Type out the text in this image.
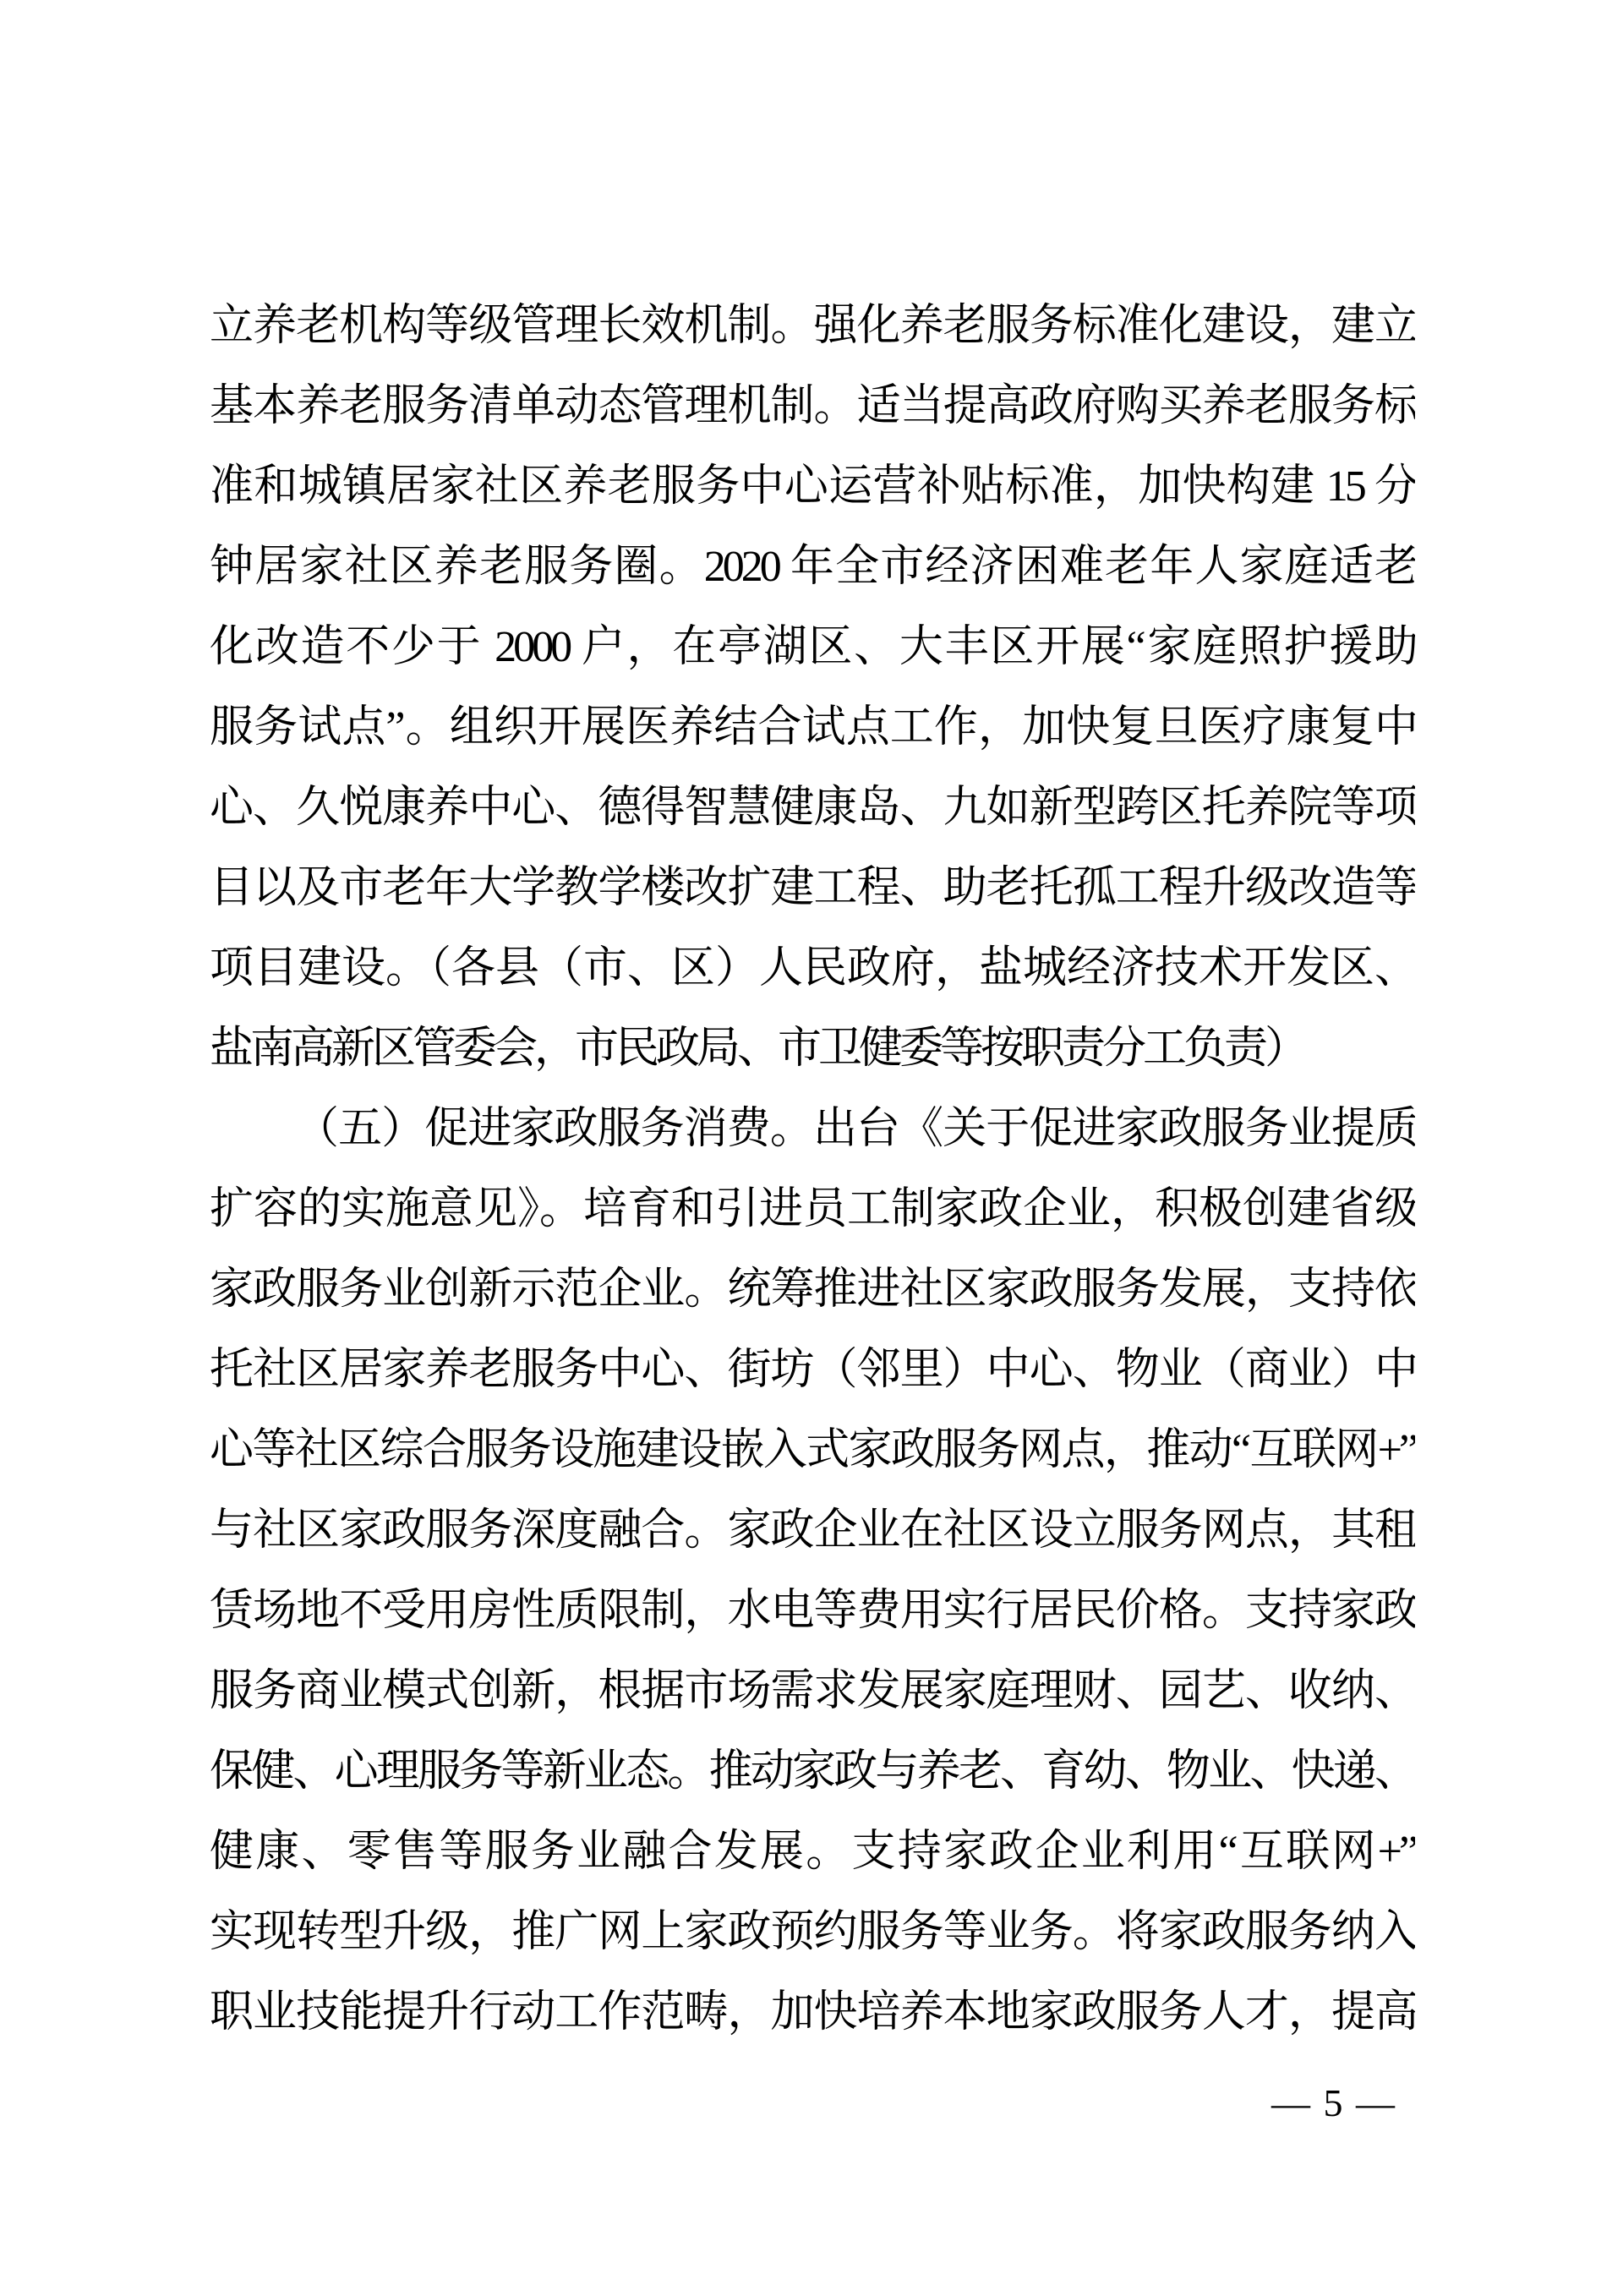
立养老机构等级管理长效机制。强化养老服务标准化建设，建立
基本养老服务清单动态管理机制。适当提高政府购买养老服务标
准和城镇居家社区养老服务中心运营补贴标准，加快构建 15 分
钟居家社区养老服务圈。2020 年全市经济困难老年人家庭适老
化改造不少于 2000 户，在亭湖区、大丰区开展“家庭照护援助
服务试点”。组织开展医养结合试点工作，加快复旦医疗康复中
心、久悦康养中心、德得智慧健康岛、九如新型跨区托养院等项
目以及市老年大学教学楼改扩建工程、助老托孤工程升级改造等
项目建设。（各县（市、区）人民政府，盐城经济技术开发区、
盐南高新区管委会，市民政局、市卫健委等按职责分工负责）
（五）促进家政服务消费。出台《关于促进家政服务业提质
扩容的实施意见》。培育和引进员工制家政企业，积极创建省级
家政服务业创新示范企业。统筹推进社区家政服务发展，支持依
托社区居家养老服务中心、街坊（邻里）中心、物业（商业）中
心等社区综合服务设施建设嵌入式家政服务网点，推动“互联网+”
与社区家政服务深度融合。家政企业在社区设立服务网点，其租
赁场地不受用房性质限制，水电等费用实行居民价格。支持家政
服务商业模式创新，根据市场需求发展家庭理财、园艺、收纳、
保健、心理服务等新业态。推动家政与养老、育幼、物业、快递、
健康、零售等服务业融合发展。支持家政企业利用“互联网+”
实现转型升级，推广网上家政预约服务等业务。将家政服务纳入
职业技能提升行动工作范畴，加快培养本地家政服务人才，提高
— 5 —
